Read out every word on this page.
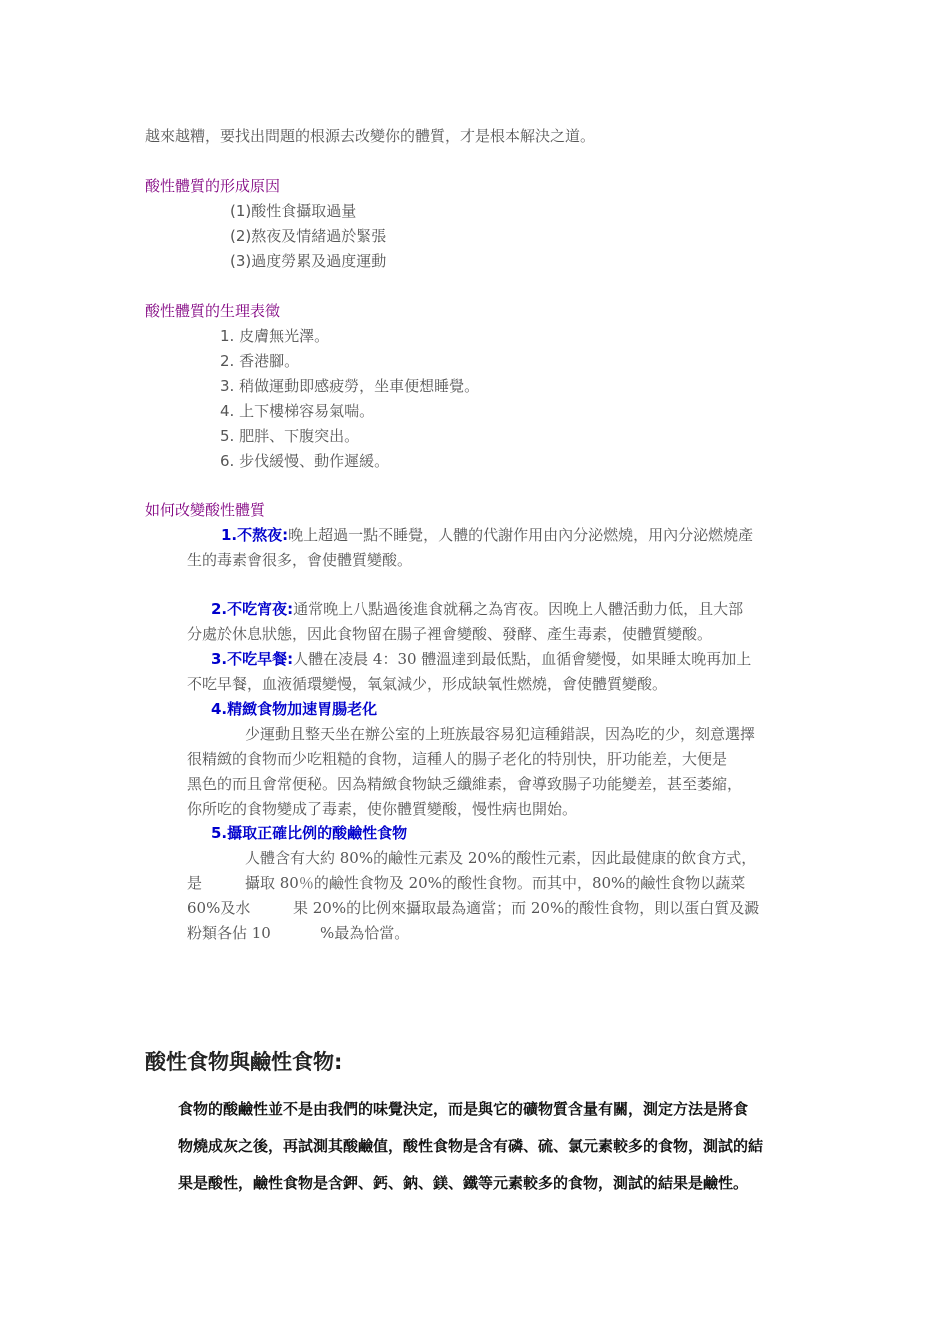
越來越糟，要找出問題的根源去改變你的體質，才是根本解決之道。
酸性體質的形成原因
(1)酸性食攝取過量
(2)熬夜及情緒過於緊張
(3)過度勞累及過度運動
酸性體質的生理表徵
1. 皮膚無光澤。
2. 香港腳。
3. 稍做運動即感疲勞，坐車便想睡覺。
4. 上下樓梯容易氣喘。
5. 肥胖、下腹突出。
6. 步伐緩慢、動作遲緩。
如何改變酸性體質
1.不熬夜:晚上超過一點不睡覺，人體的代謝作用由內分泌燃燒，用內分泌燃燒產
生的毒素會很多，會使體質變酸。
2.不吃宵夜:通常晚上八點過後進食就稱之為宵夜。因晚上人體活動力低，且大部
分處於休息狀態，因此食物留在腸子裡會變酸、發酵、產生毒素，使體質變酸。
3.不吃早餐:人體在凌晨 4：30 體溫達到最低點，血循會變慢，如果睡太晚再加上
不吃早餐，血液循環變慢，氧氣減少，形成缺氧性燃燒，會使體質變酸。
4.精緻食物加速胃腸老化
少運動且整天坐在辦公室的上班族最容易犯這種錯誤，因為吃的少，刻意選擇
很精緻的食物而少吃粗糙的食物，這種人的腸子老化的特別快，肝功能差，大便是
黑色的而且會常便秘。因為精緻食物缺乏纖維素，會導致腸子功能變差，甚至萎縮，
你所吃的食物變成了毒素，使你體質變酸，慢性病也開始。
5.攝取正確比例的酸鹼性食物
人體含有大約 80%的鹼性元素及 20%的酸性元素，因此最健康的飲食方式，
是	攝取 80％的鹼性食物及 20%的酸性食物。而其中，80%的鹼性食物以蔬菜
60%及水	果 20%的比例來攝取最為適當；而 20%的酸性食物，則以蛋白質及澱
粉類各佔 10	%最為恰當。
酸性食物與鹼性食物:
食物的酸鹼性並不是由我們的味覺決定，而是與它的礦物質含量有關，測定方法是將食
物燒成灰之後，再試測其酸鹼值，酸性食物是含有磷、硫、氯元素較多的食物，測試的結
果是酸性，鹼性食物是含鉀、鈣、鈉、鎂、鐵等元素較多的食物，測試的結果是鹼性。
